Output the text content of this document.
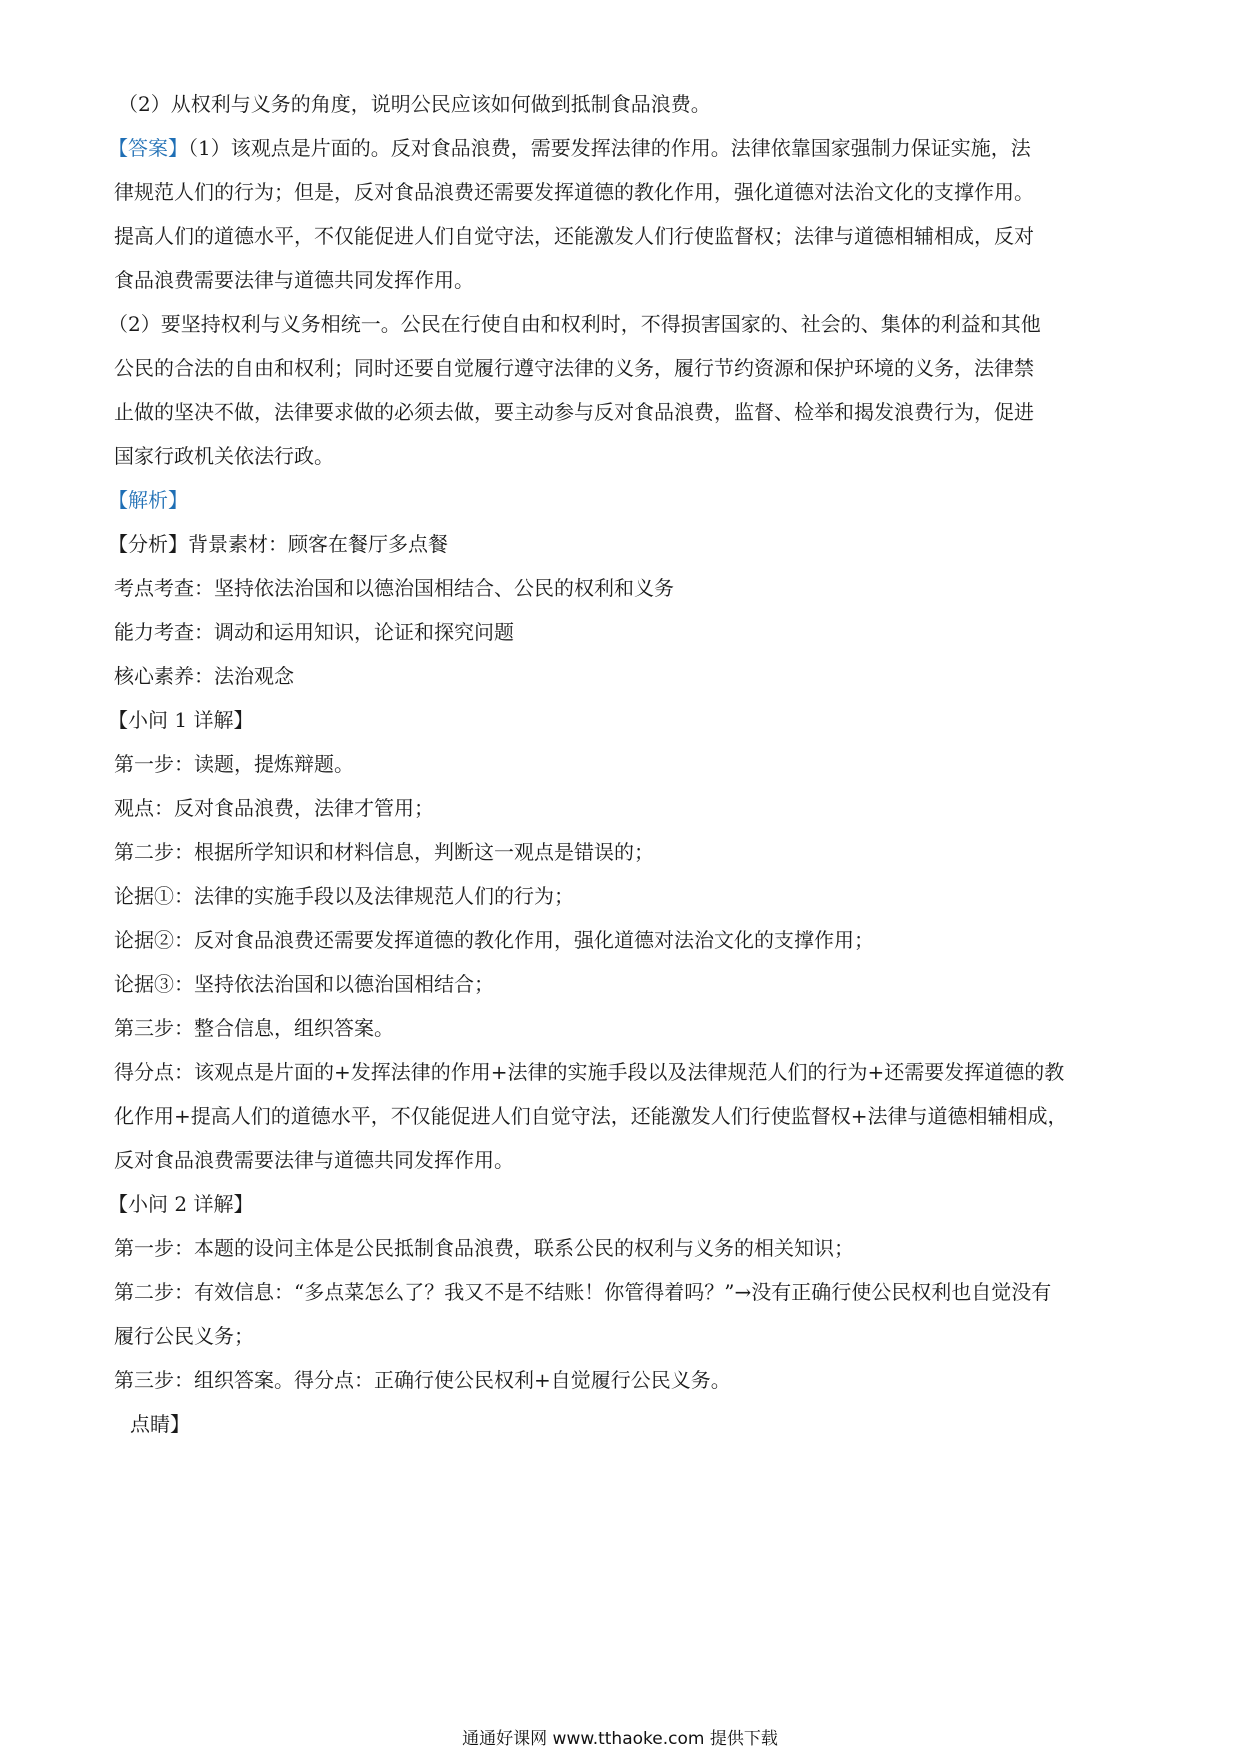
（2）从权利与义务的角度，说明公民应该如何做到抵制食品浪费。
【答案】（1）该观点是片面的。反对食品浪费，需要发挥法律的作用。法律依靠国家强制力保证实施，法
律规范人们的行为；但是，反对食品浪费还需要发挥道德的教化作用，强化道德对法治文化的支撑作用。
提高人们的道德水平，不仅能促进人们自觉守法，还能激发人们行使监督权；法律与道德相辅相成，反对
食品浪费需要法律与道德共同发挥作用。
（2）要坚持权利与义务相统一。公民在行使自由和权利时，不得损害国家的、社会的、集体的利益和其他
公民的合法的自由和权利；同时还要自觉履行遵守法律的义务，履行节约资源和保护环境的义务，法律禁
止做的坚决不做，法律要求做的必须去做，要主动参与反对食品浪费，监督、检举和揭发浪费行为，促进
国家行政机关依法行政。
【解析】
【分析】背景素材：顾客在餐厅多点餐
考点考查：坚持依法治国和以德治国相结合、公民的权利和义务
能力考查：调动和运用知识，论证和探究问题
核心素养：法治观念
【小问 1 详解】
第一步：读题，提炼辩题。
观点：反对食品浪费，法律才管用；
第二步：根据所学知识和材料信息，判断这一观点是错误的；
论据①：法律的实施手段以及法律规范人们的行为；
论据②：反对食品浪费还需要发挥道德的教化作用，强化道德对法治文化的支撑作用；
论据③：坚持依法治国和以德治国相结合；
第三步：整合信息，组织答案。
得分点：该观点是片面的+发挥法律的作用+法律的实施手段以及法律规范人们的行为+还需要发挥道德的教
化作用+提高人们的道德水平，不仅能促进人们自觉守法，还能激发人们行使监督权+法律与道德相辅相成，
反对食品浪费需要法律与道德共同发挥作用。
【小问 2 详解】
第一步：本题的设问主体是公民抵制食品浪费，联系公民的权利与义务的相关知识；
第二步：有效信息：“多点菜怎么了？我又不是不结账！你管得着吗？”→没有正确行使公民权利也自觉没有
履行公民义务；
第三步：组织答案。得分点：正确行使公民权利+自觉履行公民义务。
点睛】
通通好课网 www.tthaoke.com 提供下载
